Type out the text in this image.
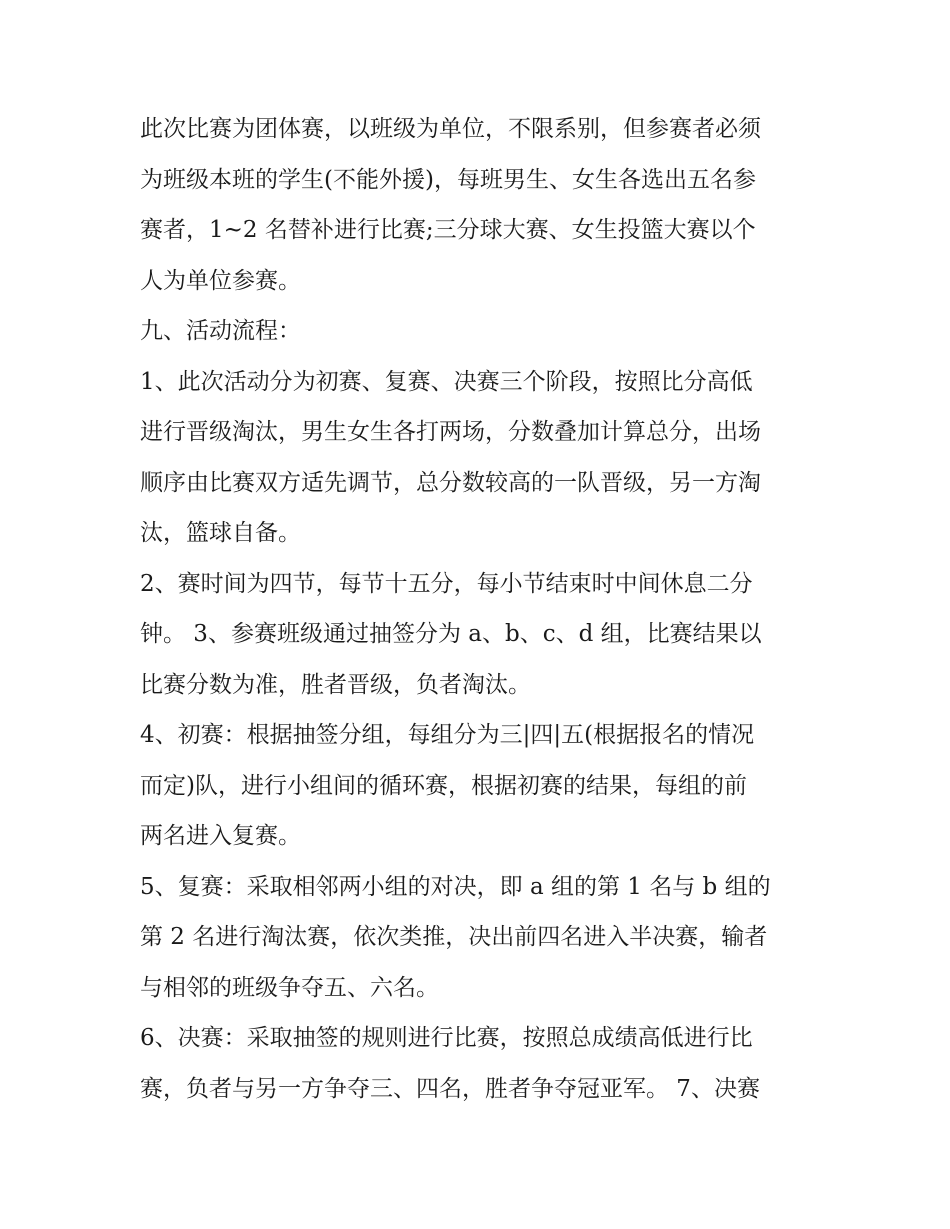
此次比赛为团体赛，以班级为单位，不限系别，但参赛者必须
为班级本班的学生(不能外援)，每班男生、女生各选出五名参
赛者，1~2 名替补进行比赛;三分球大赛、女生投篮大赛以个
人为单位参赛。
九、活动流程：
1、此次活动分为初赛、复赛、决赛三个阶段，按照比分高低
进行晋级淘汰，男生女生各打两场，分数叠加计算总分，出场
顺序由比赛双方适先调节，总分数较高的一队晋级，另一方淘
汰，篮球自备。
2、赛时间为四节，每节十五分，每小节结束时中间休息二分
钟。 3、参赛班级通过抽签分为 a、b、c、d 组，比赛结果以
比赛分数为准，胜者晋级，负者淘汰。
4、初赛：根据抽签分组，每组分为三|四|五(根据报名的情况
而定)队，进行小组间的循环赛，根据初赛的结果，每组的前
两名进入复赛。
5、复赛：采取相邻两小组的对决，即 a 组的第 1 名与 b 组的
第 2 名进行淘汰赛，依次类推，决出前四名进入半决赛，输者
与相邻的班级争夺五、六名。
6、决赛：采取抽签的规则进行比赛，按照总成绩高低进行比
赛，负者与另一方争夺三、四名，胜者争夺冠亚军。 7、决赛
